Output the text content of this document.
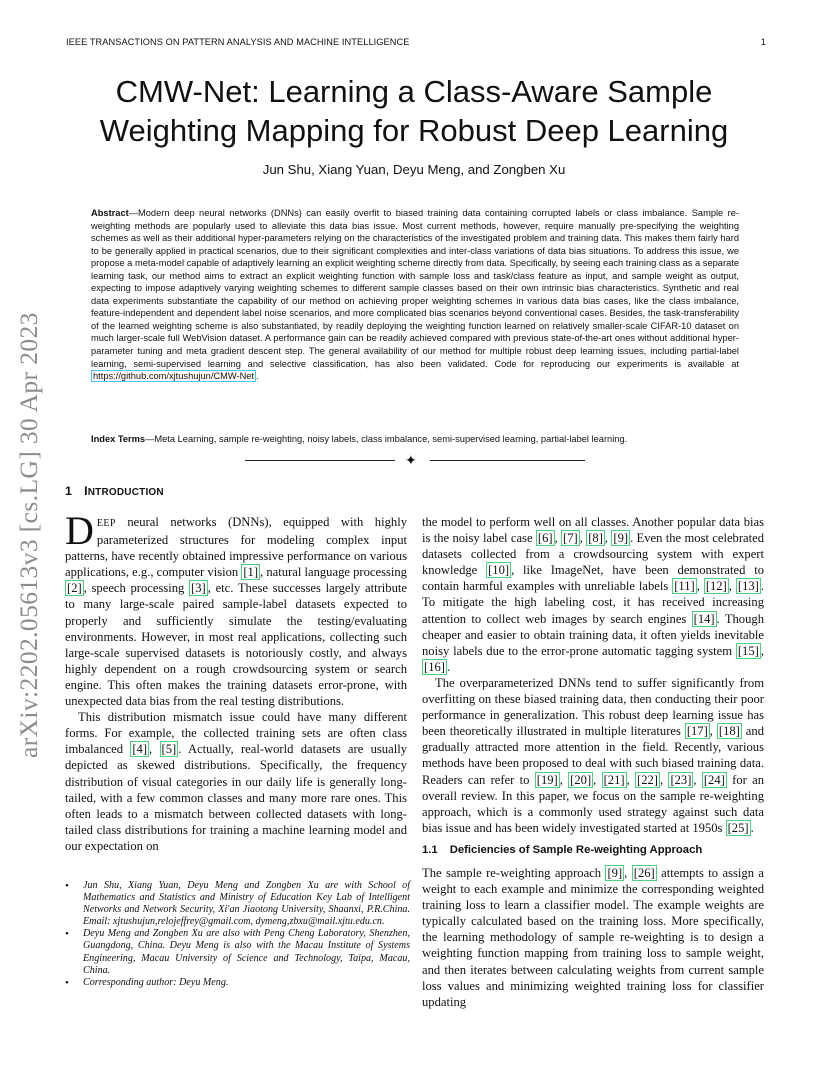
IEEE TRANSACTIONS ON PATTERN ANALYSIS AND MACHINE INTELLIGENCE	1
arXiv:2202.05613v3 [cs.LG] 30 Apr 2023
CMW-Net: Learning a Class-Aware Sample
Weighting Mapping for Robust Deep Learning
Jun Shu, Xiang Yuan, Deyu Meng, and Zongben Xu
Abstract—Modern deep neural networks (DNNs) can easily overfit to biased training data containing corrupted labels or class imbalance. Sample re-weighting methods are popularly used to alleviate this data bias issue. Most current methods, however, require manually pre-specifying the weighting schemes as well as their additional hyper-parameters relying on the characteristics of the investigated problem and training data. This makes them fairly hard to be generally applied in practical scenarios, due to their significant complexities and inter-class variations of data bias situations. To address this issue, we propose a meta-model capable of adaptively learning an explicit weighting scheme directly from data. Specifically, by seeing each training class as a separate learning task, our method aims to extract an explicit weighting function with sample loss and task/class feature as input, and sample weight as output, expecting to impose adaptively varying weighting schemes to different sample classes based on their own intrinsic bias characteristics. Synthetic and real data experiments substantiate the capability of our method on achieving proper weighting schemes in various data bias cases, like the class imbalance, feature-independent and dependent label noise scenarios, and more complicated bias scenarios beyond conventional cases. Besides, the task-transferability of the learned weighting scheme is also substantiated, by readily deploying the weighting function learned on relatively smaller-scale CIFAR-10 dataset on much larger-scale full WebVision dataset. A performance gain can be readily achieved compared with previous state-of-the-art ones without additional hyper-parameter tuning and meta gradient descent step. The general availability of our method for multiple robust deep learning issues, including partial-label learning, semi-supervised learning and selective classification, has also been validated. Code for reproducing our experiments is available at https://github.com/xjtushujun/CMW-Net .
Index Terms—Meta Learning, sample re-weighting, noisy labels, class imbalance, semi-supervised learning, partial-label learning.
✦
1 INTRODUCTION

DEEP neural networks (DNNs), equipped with highly parameterized structures for modeling complex input patterns, have recently obtained impressive performance on various applications, e.g., computer vision [1] , natural language processing [2] , speech processing [3] , etc. These successes largely attribute to many large-scale paired sample-label datasets expected to properly and sufficiently simulate the testing/evaluating environments. However, in most real applications, collecting such large-scale supervised datasets is notoriously costly, and always highly dependent on a rough crowdsourcing system or search engine. This often makes the training datasets error-prone, with unexpected data bias from the real testing distributions.

This distribution mismatch issue could have many different forms. For example, the collected training sets are often class imbalanced [4] , [5] . Actually, real-world datasets are usually depicted as skewed distributions. Specifically, the frequency distribution of visual categories in our daily life is generally long-tailed, with a few common classes and many more rare ones. This often leads to a mismatch between collected datasets with long-tailed class distributions for training a machine learning model and our expectation on

• Jun Shu, Xiang Yuan, Deyu Meng and Zongben Xu are with School of Mathematics and Statistics and Ministry of Education Key Lab of Intelligent Networks and Network Security, Xi'an Jiaotong University, Shaanxi, P.R.China. Email: xjtushujun,relojeffrey@gmail.com, dymeng,zbxu@mail.xjtu.edu.cn.
• Deyu Meng and Zongben Xu are also with Peng Cheng Laboratory, Shenzhen, Guangdong, China. Deyu Meng is also with the Macau Institute of Systems Engineering, Macau University of Science and Technology, Taipa, Macau, China.
• Corresponding author: Deyu Meng.

the model to perform well on all classes. Another popular data bias is the noisy label case [6] , [7] , [8] , [9] . Even the most celebrated datasets collected from a crowdsourcing system with expert knowledge [10] , like ImageNet, have been demonstrated to contain harmful examples with unreliable labels [11] , [12] , [13] . To mitigate the high labeling cost, it has received increasing attention to collect web images by search engines [14] . Though cheaper and easier to obtain training data, it often yields inevitable noisy labels due to the error-prone automatic tagging system [15] , [16] .

The overparameterized DNNs tend to suffer significantly from overfitting on these biased training data, then conducting their poor performance in generalization. This robust deep learning issue has been theoretically illustrated in multiple literatures [17] , [18] and gradually attracted more attention in the field. Recently, various methods have been proposed to deal with such biased training data. Readers can refer to [19] , [20] , [21] , [22] , [23] , [24] for an overall review. In this paper, we focus on the sample re-weighting approach, which is a commonly used strategy against such data bias issue and has been widely investigated started at 1950s [25] .

1.1 Deficiencies of Sample Re-weighting Approach

The sample re-weighting approach [9] , [26] attempts to assign a weight to each example and minimize the corresponding weighted training loss to learn a classifier model. The example weights are typically calculated based on the training loss. More specifically, the learning methodology of sample re-weighting is to design a weighting function mapping from training loss to sample weight, and then iterates between calculating weights from current sample loss values and minimizing weighted training loss for classifier updating
